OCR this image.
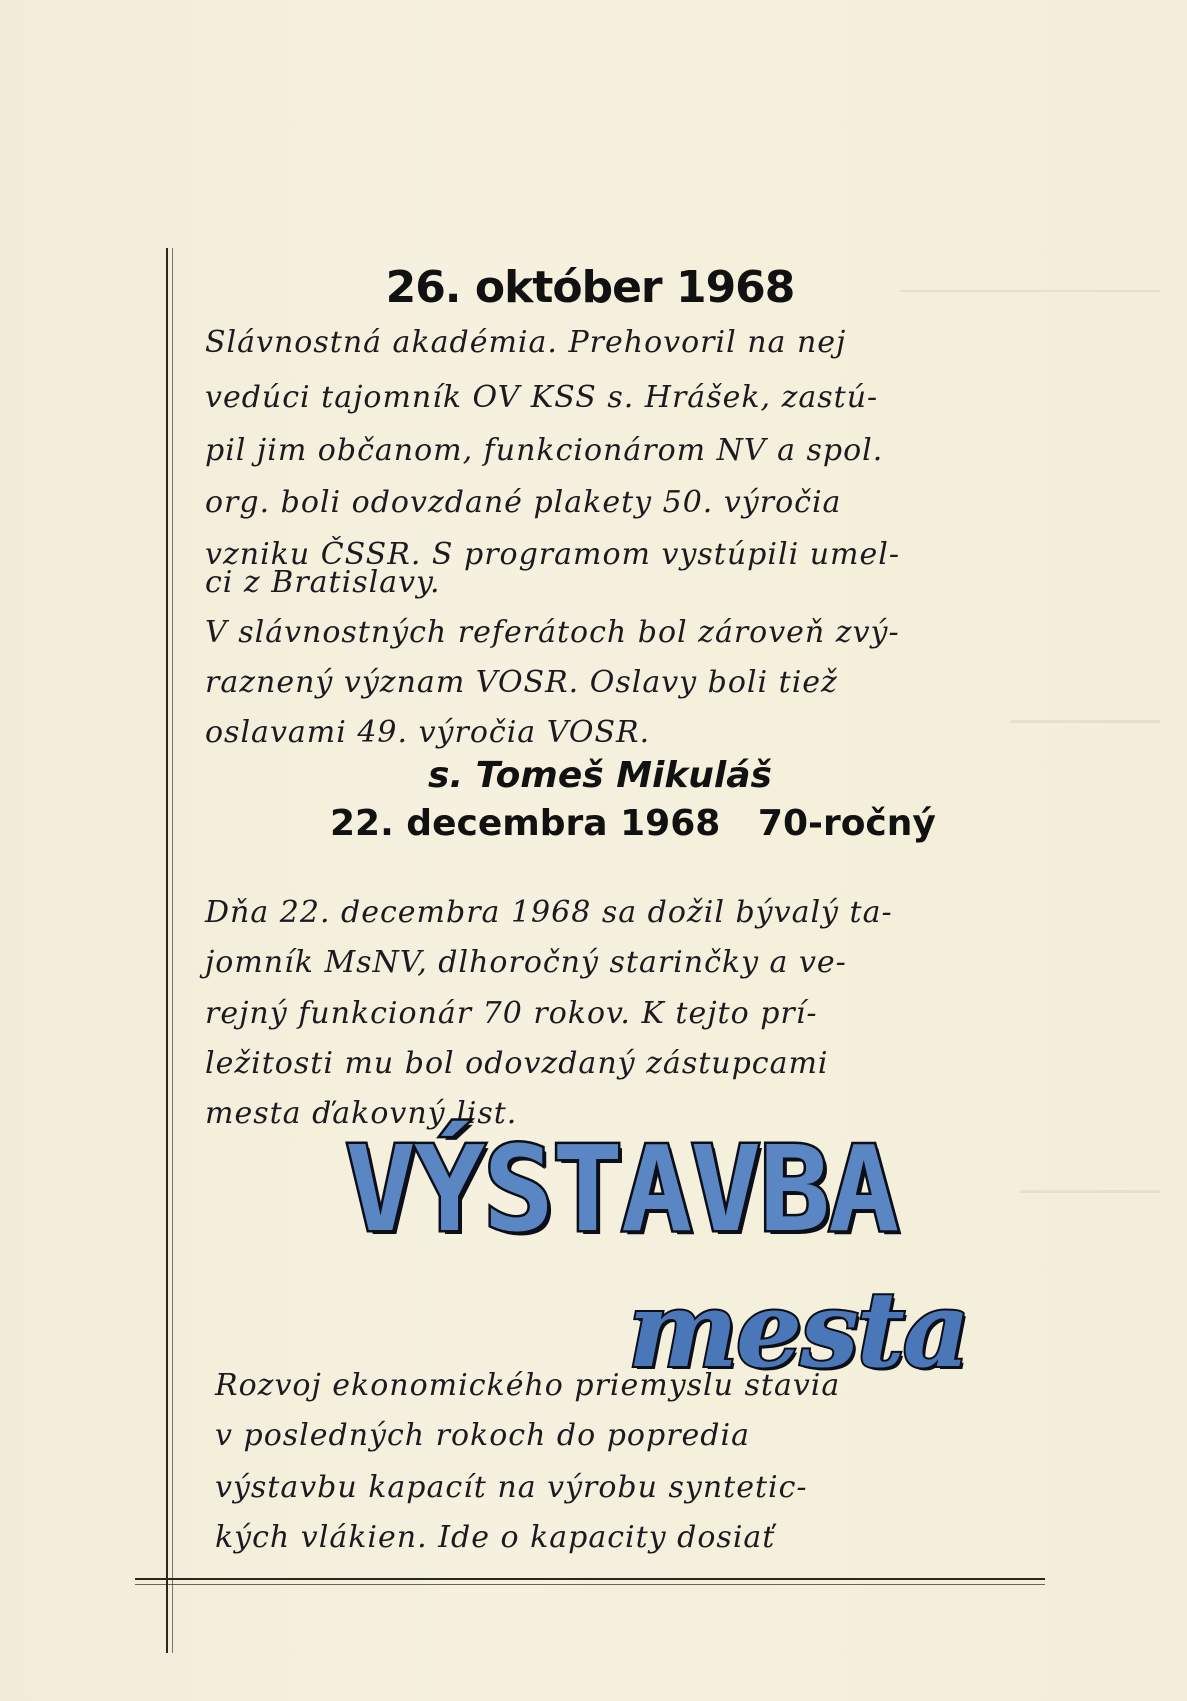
26. október 1968
Slávnostná akadémia. Prehovoril na nej
vedúci tajomník OV KSS s. Hrášek, zastú-
pil jim občanom, funkcionárom NV a spol.
org. boli odovzdané plakety 50. výročia
vzniku ČSSR. S programom vystúpili umel-
ci z Bratislavy.
V slávnostných referátoch bol zároveň zvý-
raznený význam VOSR. Oslavy boli tiež
oslavami 49. výročia VOSR.
s. Tomeš Mikuláš
22. decembra 1968   70-ročný
Dňa 22. decembra 1968 sa dožil bývalý ta-
jomník MsNV, dlhoročný starinčky a ve-
rejný funkcionár 70 rokov. K tejto prí-
ležitosti mu bol odovzdaný zástupcami
mesta ďakovný list.
VÝSTAVBA
mesta
Rozvoj ekonomického priemyslu stavia
v posledných rokoch do popredia
výstavbu kapacít na výrobu syntetic-
kých vlákien. Ide o kapacity dosiať
